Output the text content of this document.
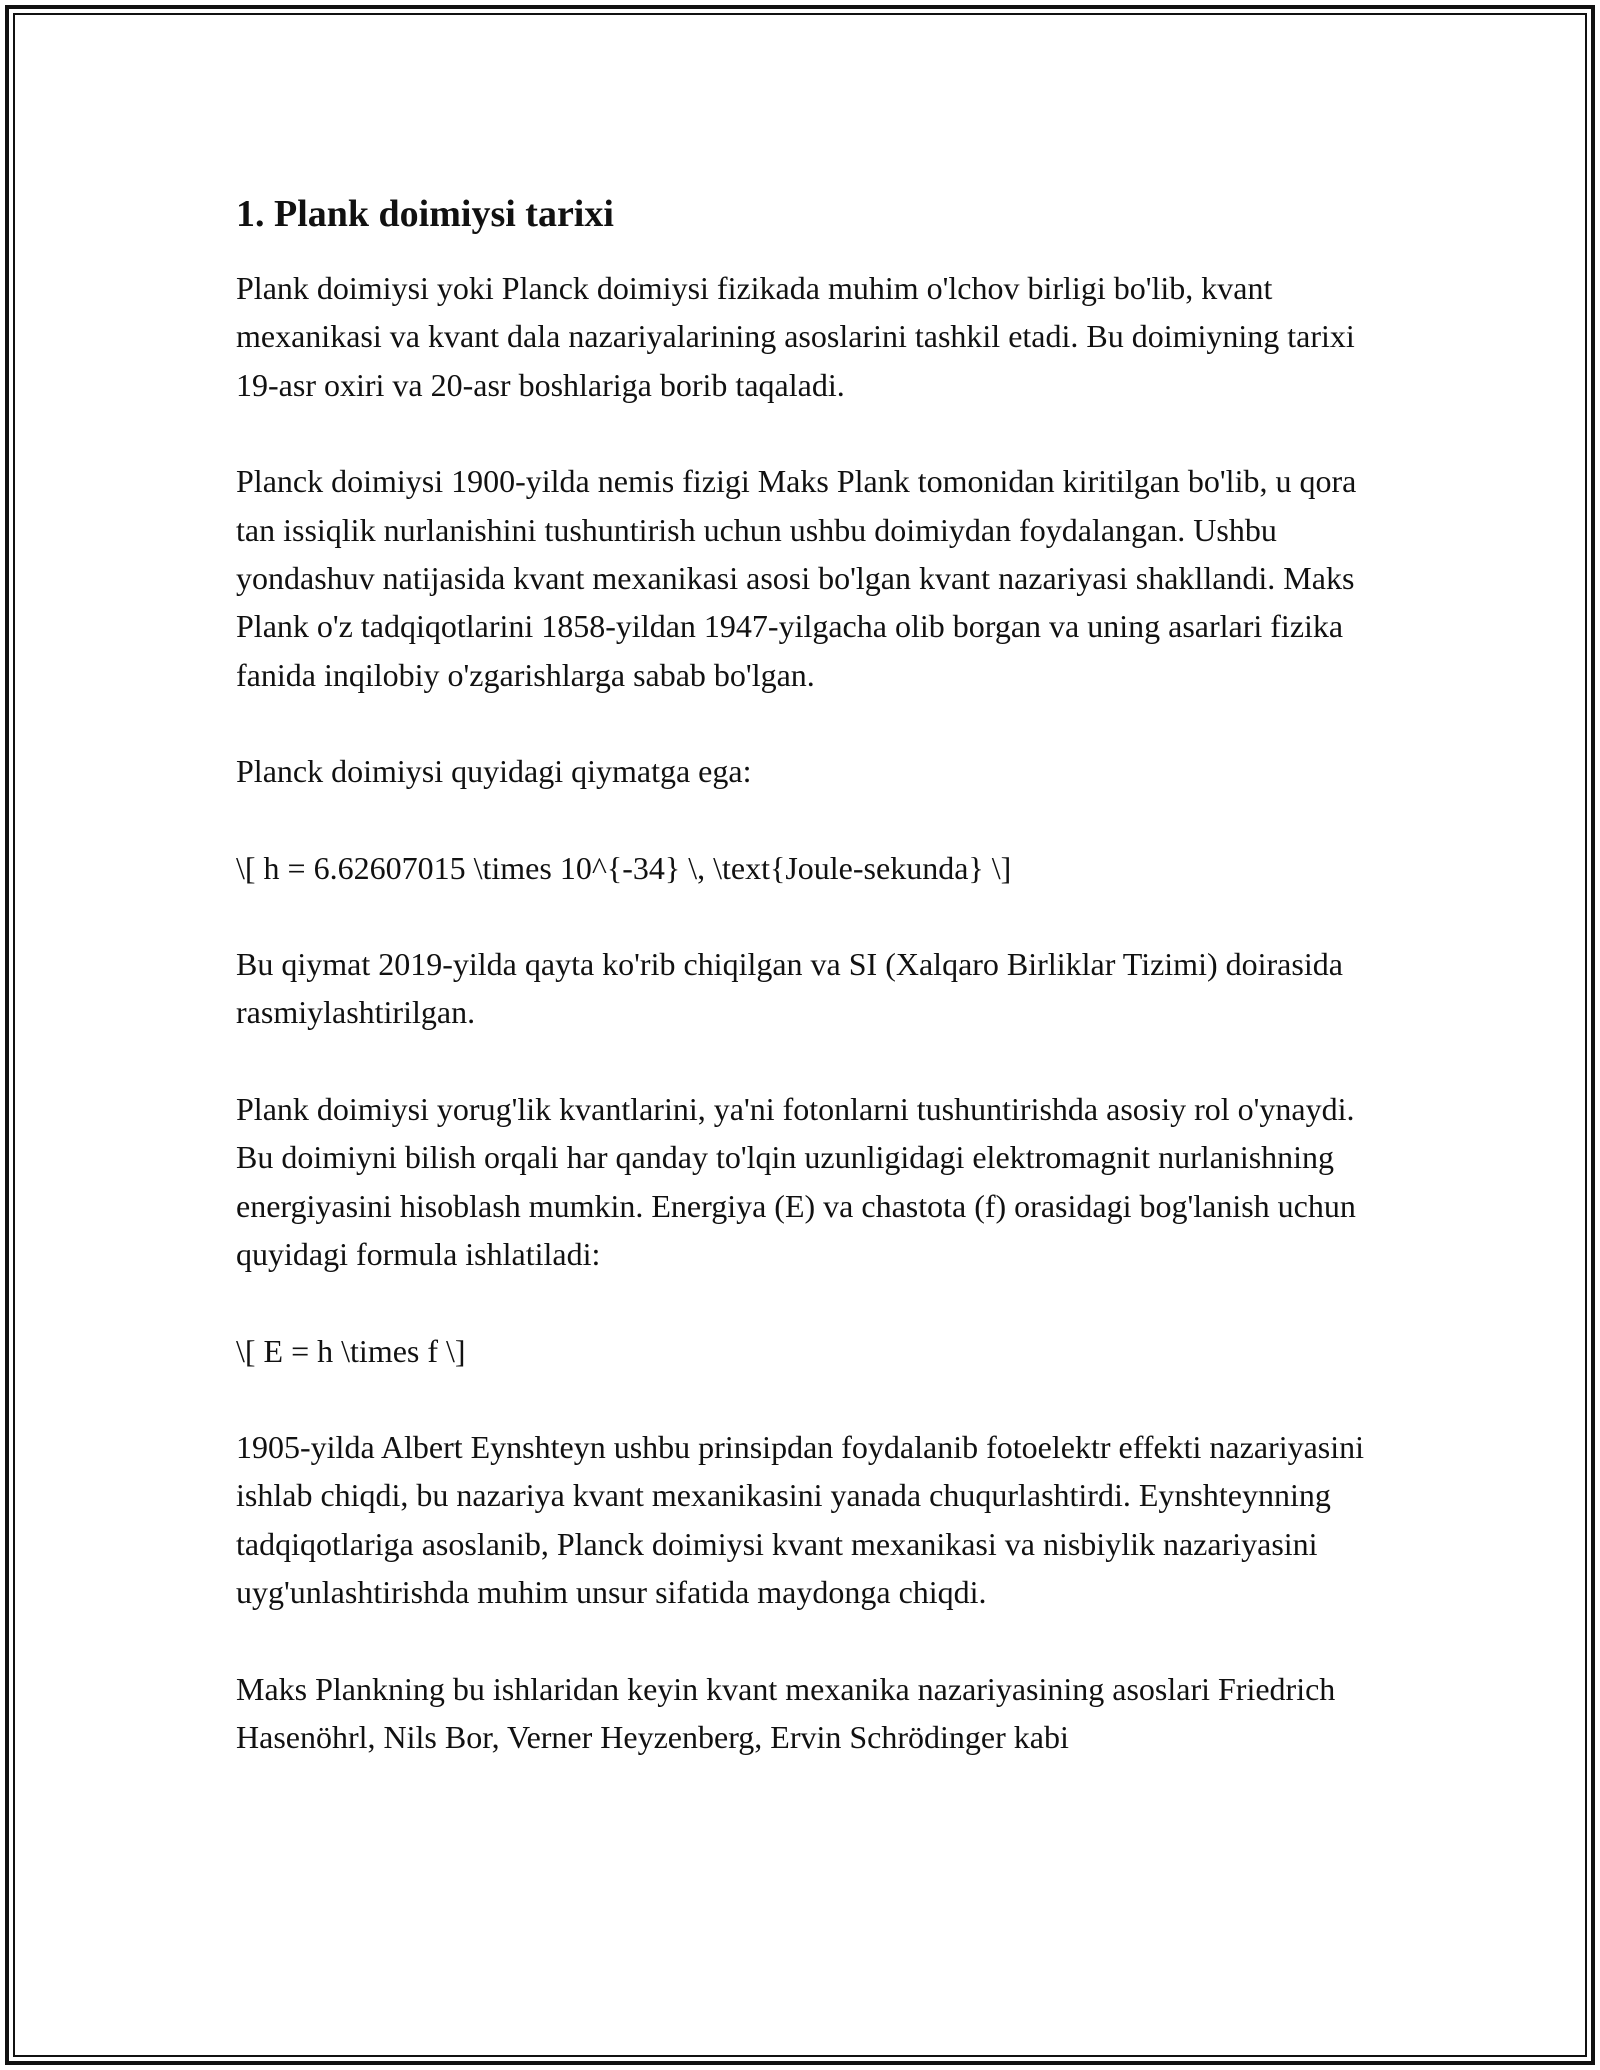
1. Plank doimiysi tarixi

Plank doimiysi yoki Planck doimiysi fizikada muhim o'lchov birligi bo'lib, kvant mexanikasi va kvant dala nazariyalarining asoslarini tashkil etadi. Bu doimiyning tarixi 19-asr oxiri va 20-asr boshlariga borib taqaladi.

Planck doimiysi 1900-yilda nemis fizigi Maks Plank tomonidan kiritilgan bo'lib, u qora tan issiqlik nurlanishini tushuntirish uchun ushbu doimiydan foydalangan. Ushbu yondashuv natijasida kvant mexanikasi asosi bo'lgan kvant nazariyasi shakllandi. Maks Plank o'z tadqiqotlarini 1858-yildan 1947-yilgacha olib borgan va uning asarlari fizika fanida inqilobiy o'zgarishlarga sabab bo'lgan.

Planck doimiysi quyidagi qiymatga ega:

\[ h = 6.62607015 \times 10^{-34} \, \text{Joule-sekunda} \]

Bu qiymat 2019-yilda qayta ko'rib chiqilgan va SI (Xalqaro Birliklar Tizimi) doirasida rasmiylashtirilgan.

Plank doimiysi yorug'lik kvantlarini, ya'ni fotonlarni tushuntirishda asosiy rol o'ynaydi. Bu doimiyni bilish orqali har qanday to'lqin uzunligidagi elektromagnit nurlanishning energiyasini hisoblash mumkin. Energiya (E) va chastota (f) orasidagi bog'lanish uchun quyidagi formula ishlatiladi:

\[ E = h \times f \]

1905-yilda Albert Eynshteyn ushbu prinsipdan foydalanib fotoelektr effekti nazariyasini ishlab chiqdi, bu nazariya kvant mexanikasini yanada chuqurlashtirdi. Eynshteynning tadqiqotlariga asoslanib, Planck doimiysi kvant mexanikasi va nisbiylik nazariyasini uyg'unlashtirishda muhim unsur sifatida maydonga chiqdi.

Maks Plankning bu ishlaridan keyin kvant mexanika nazariyasining asoslari Friedrich Hasenöhrl, Nils Bor, Verner Heyzenberg, Ervin Schrödinger kabi
